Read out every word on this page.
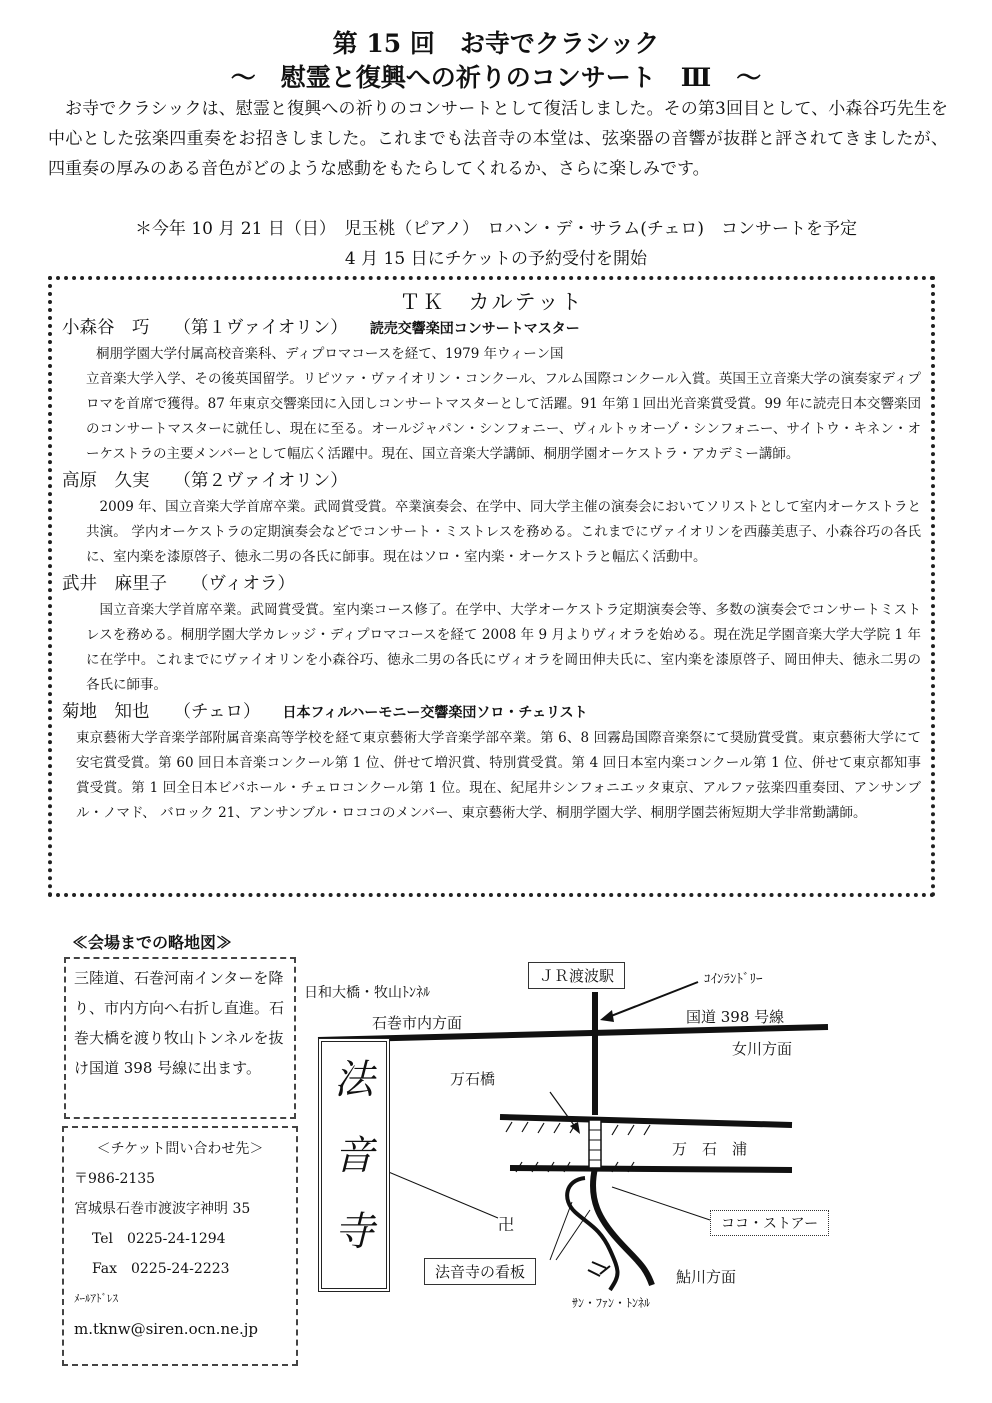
第 15 回　お寺でクラシック
～　慰霊と復興への祈りのコンサート　Ⅲ　～
お寺でクラシックは、慰霊と復興への祈りのコンサートとして復活しました。その第3回目として、小森谷巧先生を中心とした弦楽四重奏をお招きしました。これまでも法音寺の本堂は、弦楽器の音響が抜群と評されてきましたが、四重奏の厚みのある音色がどのような感動をもたらしてくれるか、さらに楽しみです。
＊今年 10 月 21 日（日）　児玉桃（ピアノ）　ロハン・デ・サラム(チェロ)　コンサートを予定
4 月 15 日にチケットの予約受付を開始
ＴＫ　カルテット
小森谷　巧 （第１ヴァイオリン） 読売交響楽団コンサートマスター
桐朋学園大学付属高校音楽科、ディプロマコースを経て、1979 年ウィーン国
立音楽大学入学、その後英国留学。リピツァ・ヴァイオリン・コンクール、フルム国際コンクール入賞。英国王立音楽大学の演奏家ディプロマを首席で獲得。87 年東京交響楽団に入団しコンサートマスターとして活躍。91 年第１回出光音楽賞受賞。99 年に読売日本交響楽団のコンサートマスターに就任し、現在に至る。オールジャパン・シンフォニー、ヴィルトゥオーゾ・シンフォニー、サイトウ・キネン・オーケストラの主要メンバーとして幅広く活躍中。現在、国立音楽大学講師、桐朋学園オーケストラ・アカデミー講師。
高原　久実 （第２ヴァイオリン）
2009 年、国立音楽大学首席卒業。武岡賞受賞。卒業演奏会、在学中、同大学主催の演奏会においてソリストとして室内オーケストラと共演。 学内オーケストラの定期演奏会などでコンサート・ミストレスを務める。これまでにヴァイオリンを西藤美恵子、小森谷巧の各氏に、室内楽を漆原啓子、徳永二男の各氏に師事。現在はソロ・室内楽・オーケストラと幅広く活動中。
武井　麻里子 （ヴィオラ）
国立音楽大学首席卒業。武岡賞受賞。室内楽コース修了。在学中、大学オーケストラ定期演奏会等、多数の演奏会でコンサートミストレスを務める。桐朋学園大学カレッジ・ディプロマコースを経て 2008 年 9 月よりヴィオラを始める。現在洗足学園音楽大学大学院 1 年に在学中。これまでにヴァイオリンを小森谷巧、徳永二男の各氏にヴィオラを岡田伸夫氏に、室内楽を漆原啓子、岡田伸夫、徳永二男の各氏に師事。
菊地　知也 （チェロ） 日本フィルハーモニー交響楽団ソロ・チェリスト
東京藝術大学音楽学部附属音楽高等学校を経て東京藝術大学音楽学部卒業。第 6、8 回霧島国際音楽祭にて奨励賞受賞。東京藝術大学にて安宅賞受賞。第 60 回日本音楽コンクール第 1 位、併せて増沢賞、特別賞受賞。第 4 回日本室内楽コンクール第 1 位、併せて東京都知事賞受賞。第 1 回全日本ビバホール・チェロコンクール第 1 位。現在、紀尾井シンフォニエッタ東京、アルファ弦楽四重奏団、アンサンブル・ノマド、 バロック 21、アンサンブル・ロココのメンバー、東京藝術大学、桐朋学園大学、桐朋学園芸術短期大学非常勤講師。
≪会場までの略地図≫
三陸道、石巻河南インターを降り、市内方向へ右折し直進。石巻大橋を渡り牧山トンネルを抜け国道 398 号線に出ます。
＜チケット問い合わせ先＞
〒986-2135
宮城県石巻市渡波字神明 35
Tel　0225-24-1294
Fax　0225-24-2223
ﾒｰﾙｱﾄﾞﾚｽ
m.tknw@siren.ocn.ne.jp
法
音
寺
ＪＲ渡波駅	ｺｲﾝﾗﾝﾄﾞﾘｰ
日和大橋・牧山ﾄﾝﾈﾙ
石巻市内方面	国道 398 号線
女川方面
万石橋
万　石　浦
卍	ココ・ストアー
法音寺の看板	鮎川方面
ｻﾝ・ﾌｧﾝ・ﾄﾝﾈﾙ
